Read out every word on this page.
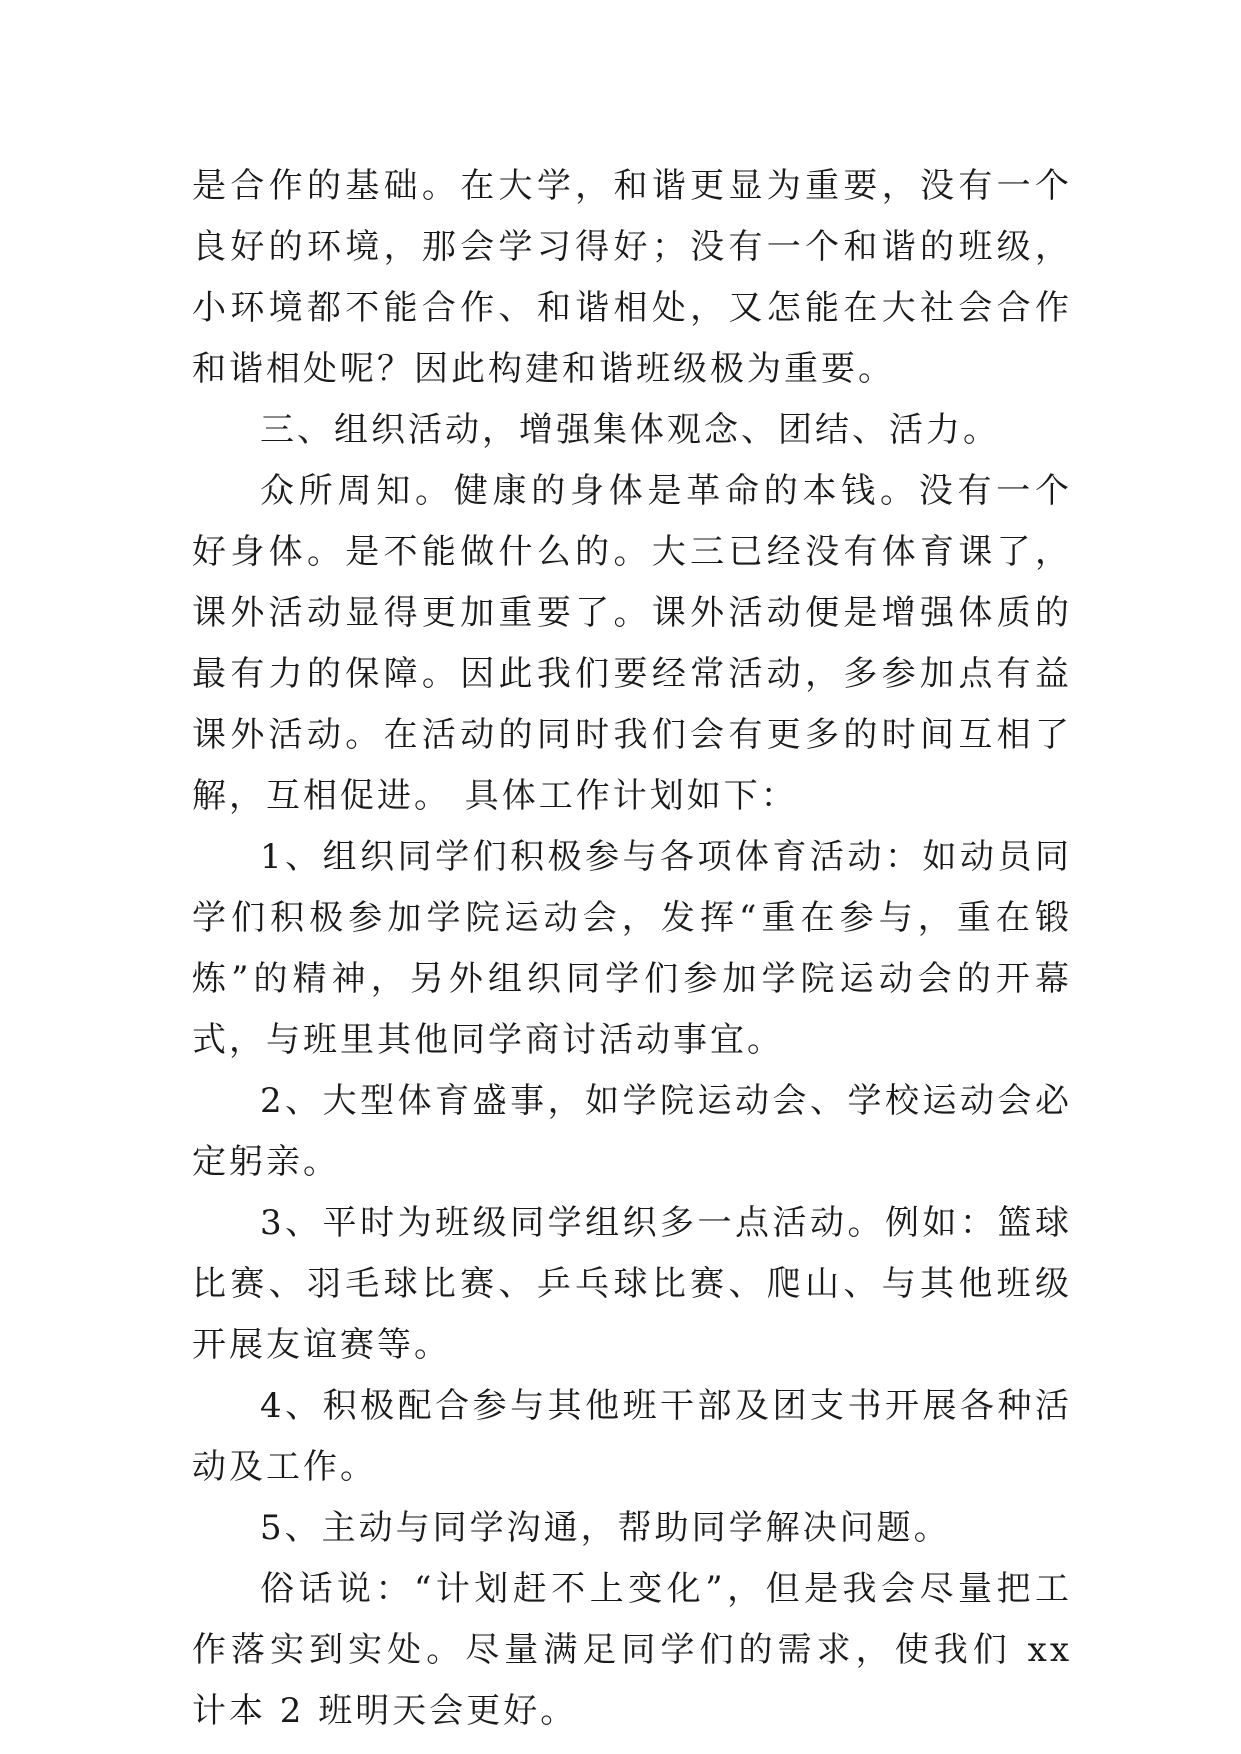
是合作的基础。在大学，和谐更显为重要，没有一个良好的环境，那会学习得好；没有一个和谐的班级，小环境都不能合作、和谐相处，又怎能在大社会合作和谐相处呢？因此构建和谐班级极为重要。

三、组织活动，增强集体观念、团结、活力。

众所周知。健康的身体是革命的本钱。没有一个好身体。是不能做什么的。大三已经没有体育课了，课外活动显得更加重要了。课外活动便是增强体质的最有力的保障。因此我们要经常活动，多参加点有益课外活动。在活动的同时我们会有更多的时间互相了解，互相促进。 具体工作计划如下：

1、组织同学们积极参与各项体育活动：如动员同学们积极参加学院运动会，发挥“重在参与，重在锻炼”的精神，另外组织同学们参加学院运动会的开幕式，与班里其他同学商讨活动事宜。

2、大型体育盛事，如学院运动会、学校运动会必定躬亲。

3、平时为班级同学组织多一点活动。例如：篮球比赛、羽毛球比赛、乒乓球比赛、爬山、与其他班级开展友谊赛等。

4、积极配合参与其他班干部及团支书开展各种活动及工作。

5、主动与同学沟通，帮助同学解决问题。

俗话说：“计划赶不上变化”，但是我会尽量把工作落实到实处。尽量满足同学们的需求，使我们 xx 计本 2 班明天会更好。
